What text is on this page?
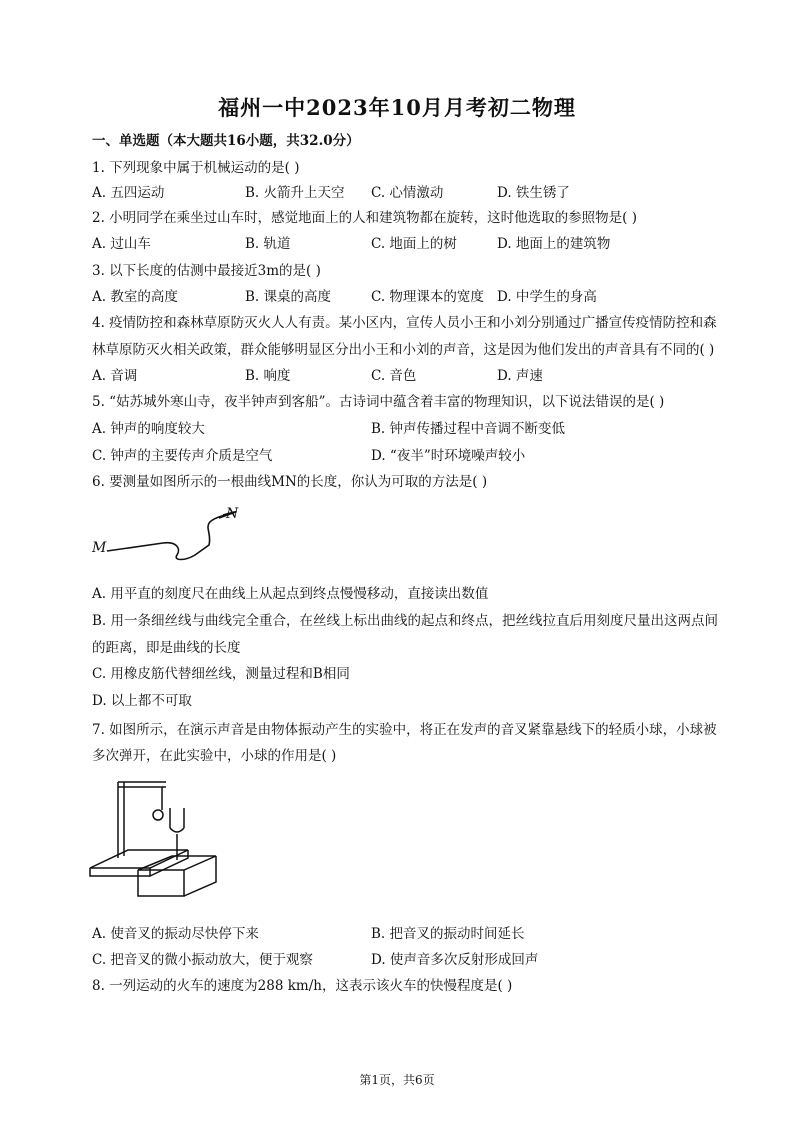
福州一中2023年10月月考初二物理
一、单选题（本大题共16小题，共32.0分）
1. 下列现象中属于机械运动的是( )
A. 五四运动	B. 火箭升上天空 C. 心情激动	D. 铁生锈了
2. 小明同学在乘坐过山车时，感觉地面上的人和建筑物都在旋转，这时他选取的参照物是( )
A. 过山车	B. 轨道	C. 地面上的树	D. 地面上的建筑物
3. 以下长度的估测中最接近3m的是( )
A. 教室的高度	B. 课桌的高度	C. 物理课本的宽度 D. 中学生的身高
4. 疫情防控和森林草原防灭火人人有责。某小区内，宣传人员小王和小刘分别通过广播宣传疫情防控和森
林草原防灭火相关政策，群众能够明显区分出小王和小刘的声音，这是因为他们发出的声音具有不同的( )
A. 音调	B. 响度	C. 音色	D. 声速
5. “姑苏城外寒山寺，夜半钟声到客船”。古诗词中蕴含着丰富的物理知识，以下说法错误的是( )
A. 钟声的响度较大	B. 钟声传播过程中音调不断变低
C. 钟声的主要传声介质是空气	D. “夜半”时环境噪声较小
6. 要测量如图所示的一根曲线MN的长度，你认为可取的方法是( )
M
N
A. 用平直的刻度尺在曲线上从起点到终点慢慢移动，直接读出数值
B. 用一条细丝线与曲线完全重合，在丝线上标出曲线的起点和终点，把丝线拉直后用刻度尺量出这两点间
的距离，即是曲线的长度
C. 用橡皮筋代替细丝线，测量过程和B相同
D. 以上都不可取
7. 如图所示，在演示声音是由物体振动产生的实验中，将正在发声的音叉紧靠悬线下的轻质小球，小球被
多次弹开，在此实验中，小球的作用是( )
A. 使音叉的振动尽快停下来	B. 把音叉的振动时间延长
C. 把音叉的微小振动放大，便于观察	D. 使声音多次反射形成回声
8. 一列运动的火车的速度为288 km/h，这表示该火车的快慢程度是( )
第1页，共6页
